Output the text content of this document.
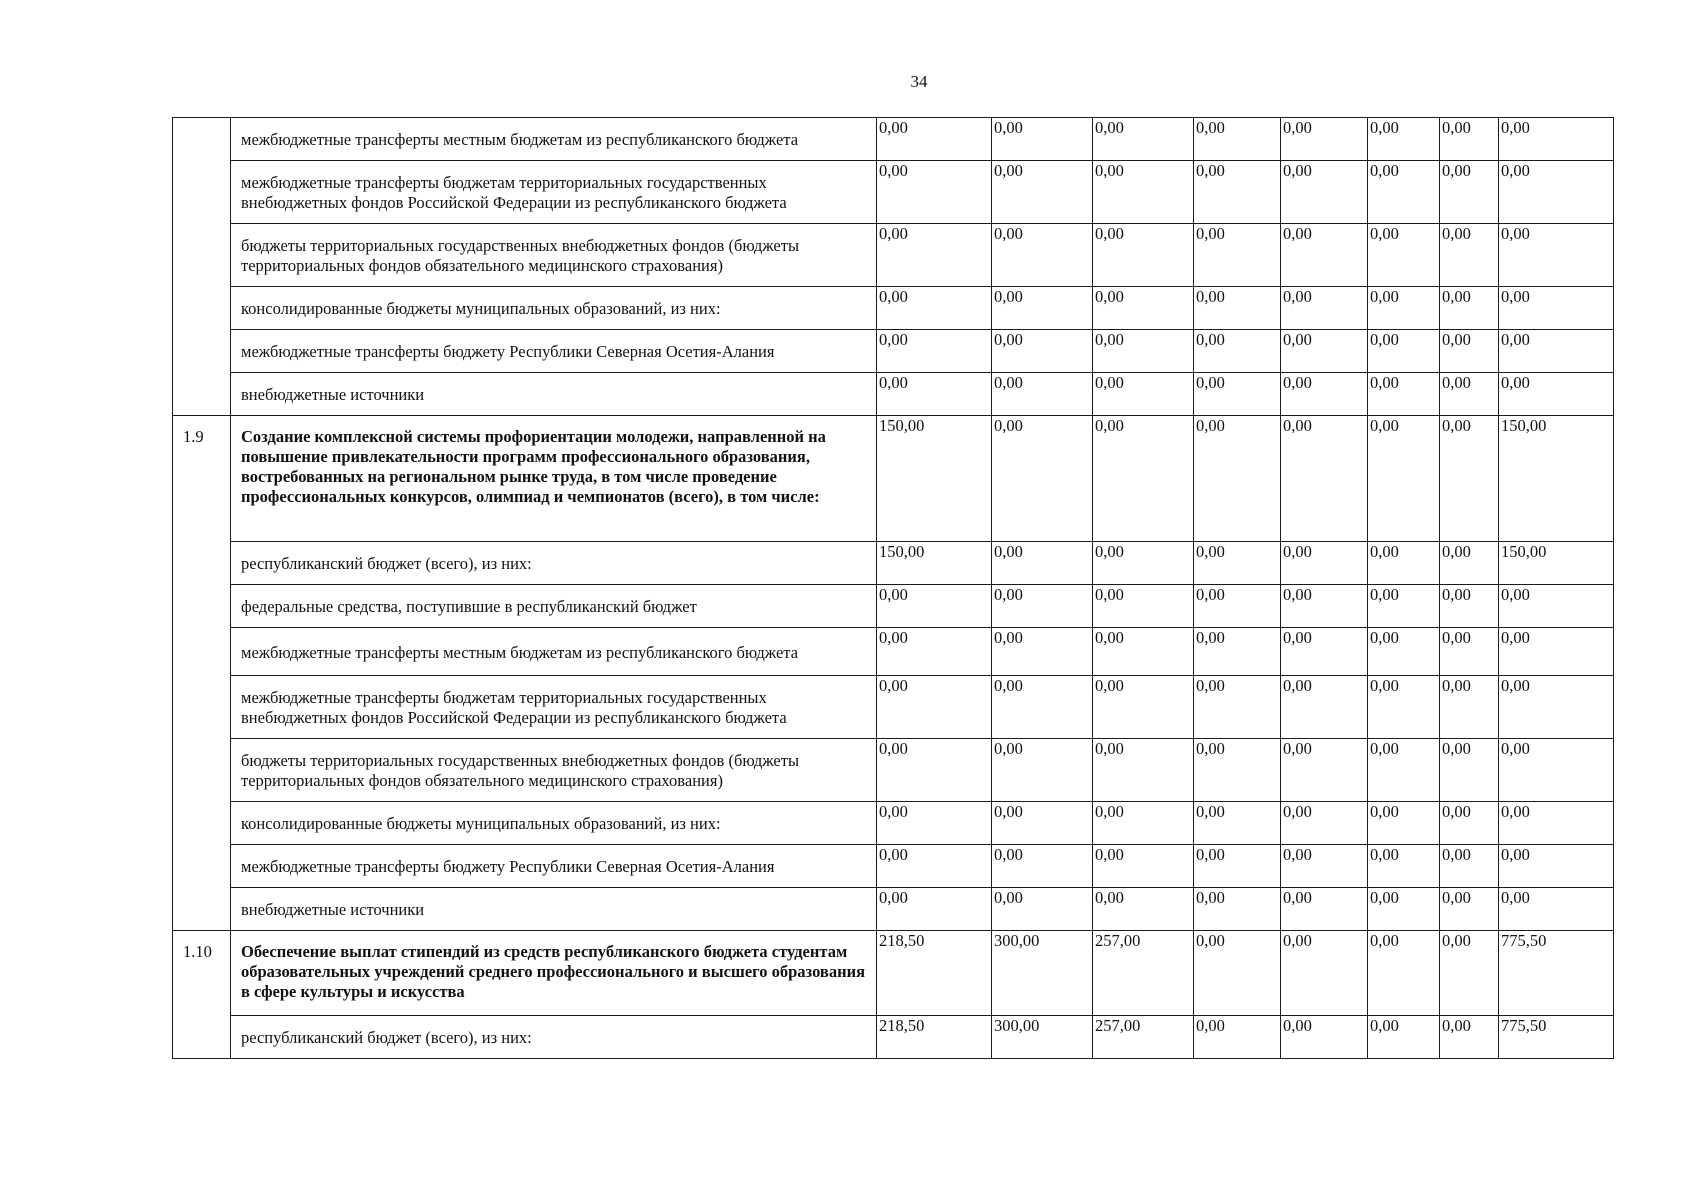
34
	межбюджетные трансферты местным бюджетам из республиканского бюджета	0,00	0,00	0,00	0,00	0,00	0,00	0,00	0,00
	межбюджетные трансферты бюджетам территориальных государственных внебюджетных фондов Российской Федерации из республиканского бюджета	0,00	0,00	0,00	0,00	0,00	0,00	0,00	0,00
	бюджеты территориальных государственных внебюджетных фондов (бюджеты территориальных фондов обязательного медицинского страхования)	0,00	0,00	0,00	0,00	0,00	0,00	0,00	0,00
	консолидированные бюджеты муниципальных образований, из них:	0,00	0,00	0,00	0,00	0,00	0,00	0,00	0,00
	межбюджетные трансферты бюджету Республики Северная Осетия-Алания	0,00	0,00	0,00	0,00	0,00	0,00	0,00	0,00
	внебюджетные источники	0,00	0,00	0,00	0,00	0,00	0,00	0,00	0,00
1.9	Создание комплексной системы профориентации молодежи, направленной на повышение привлекательности программ профессионального образования, востребованных на региональном рынке труда, в том числе проведение профессиональных конкурсов, олимпиад и чемпионатов (всего), в том числе:	150,00	0,00	0,00	0,00	0,00	0,00	0,00	150,00
	республиканский бюджет (всего), из них:	150,00	0,00	0,00	0,00	0,00	0,00	0,00	150,00
	федеральные средства, поступившие в республиканский бюджет	0,00	0,00	0,00	0,00	0,00	0,00	0,00	0,00
	межбюджетные трансферты местным бюджетам из республиканского бюджета	0,00	0,00	0,00	0,00	0,00	0,00	0,00	0,00
	межбюджетные трансферты бюджетам территориальных государственных внебюджетных фондов Российской Федерации из республиканского бюджета	0,00	0,00	0,00	0,00	0,00	0,00	0,00	0,00
	бюджеты территориальных государственных внебюджетных фондов (бюджеты территориальных фондов обязательного медицинского страхования)	0,00	0,00	0,00	0,00	0,00	0,00	0,00	0,00
	консолидированные бюджеты муниципальных образований, из них:	0,00	0,00	0,00	0,00	0,00	0,00	0,00	0,00
	межбюджетные трансферты бюджету Республики Северная Осетия-Алания	0,00	0,00	0,00	0,00	0,00	0,00	0,00	0,00
	внебюджетные источники	0,00	0,00	0,00	0,00	0,00	0,00	0,00	0,00
1.10	Обеспечение выплат стипендий из средств республиканского бюджета студентам образовательных учреждений среднего профессионального и высшего образования в сфере культуры и искусства	218,50	300,00	257,00	0,00	0,00	0,00	0,00	775,50
	республиканский бюджет (всего), из них:	218,50	300,00	257,00	0,00	0,00	0,00	0,00	775,50
